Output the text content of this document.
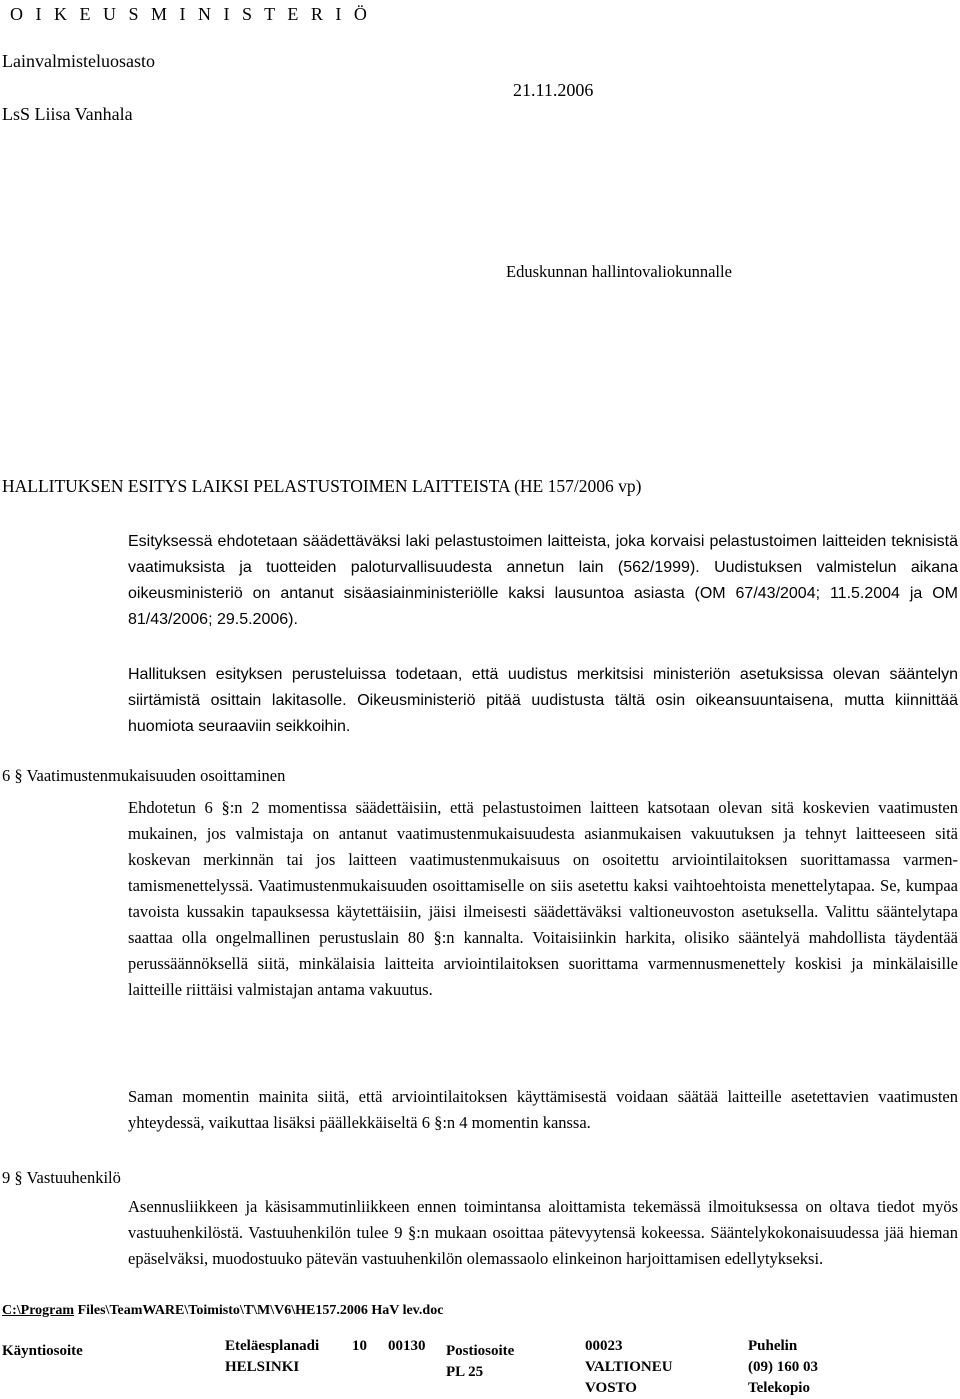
O I K E U S M I N I S T E R I Ö
Lainvalmisteluosasto
LsS Liisa Vanhala
21.11.2006
Eduskunnan hallintovaliokunnalle
HALLITUKSEN ESITYS LAIKSI PELASTUSTOIMEN LAITTEISTA (HE 157/2006 vp)
Esityksessä ehdotetaan säädettäväksi laki pelastustoimen laitteista, joka korvaisi pelastustoimen laitteiden teknisistä vaatimuksista ja tuotteiden paloturvallisuudesta annetun lain (562/1999). Uudistuksen valmistelun aikana oikeusministeriö on antanut sisäasiainministeriölle kaksi lausuntoa asiasta (OM 67/43/2004; 11.5.2004 ja OM 81/43/2006; 29.5.2006).
Hallituksen esityksen perusteluissa todetaan, että uudistus merkitsisi ministeriön asetuksissa olevan sääntelyn siirtämistä osittain lakitasolle. Oikeusministeriö pitää uudistusta tältä osin oikeansuuntaisena, mutta kiinnittää huomiota seuraaviin seikkoihin.
6 § Vaatimustenmukaisuuden osoittaminen
Ehdotetun 6 §:n 2 momentissa säädettäisiin, että pelastustoimen laitteen katsotaan olevan sitä koskevien vaatimusten mukainen, jos valmistaja on antanut vaatimustenmukaisuudesta asianmukaisen vakuutuksen ja tehnyt laitteeseen sitä koskevan merkinnän tai jos laitteen vaatimustenmukaisuus on osoitettu arviointilaitoksen suorittamassa varmen-tamismenettelyssä. Vaatimustenmukaisuuden osoittamiselle on siis asetettu kaksi vaihtoehtoista menettelytapaa. Se, kumpaa tavoista kussakin tapauksessa käytettäisiin, jäisi ilmeisesti säädettäväksi valtioneuvoston asetuksella. Valittu sääntelytapa saattaa olla ongelmallinen perustuslain 80 §:n kannalta. Voitaisiinkin harkita, olisiko sääntelyä mahdollista täydentää perussäännöksellä siitä, minkälaisia laitteita arviointilaitoksen suorittama varmennusmenettely koskisi ja minkälaisille laitteille riittäisi valmistajan antama vakuutus.
Saman momentin mainita siitä, että arviointilaitoksen käyttämisestä voidaan säätää laitteille asetettavien vaatimusten yhteydessä, vaikuttaa lisäksi päällekkäiseltä 6 §:n 4 momentin kanssa.
9 § Vastuuhenkilö
Asennusliikkeen ja käsisammutinliikkeen ennen toimintansa aloittamista tekemässä ilmoituksessa on oltava tiedot myös vastuuhenkilöstä. Vastuuhenkilön tulee 9 §:n mukaan osoittaa pätevyytensä kokeessa. Sääntelykokonaisuudessa jää hieman epäselväksi, muodostuuko pätevän vastuuhenkilön olemassaolo elinkeinon harjoittamisen edellytykseksi.
C:\Program Files\TeamWARE\Toimisto\T\M\V6\HE157.2006 HaV lev.doc
Käyntiosoite	Eteläesplanadi
HELSINKI
10 00130 Postiosoite
PL 25
00023
VALTIONEU
VOSTO
Puhelin
(09) 160 03
Telekopio
